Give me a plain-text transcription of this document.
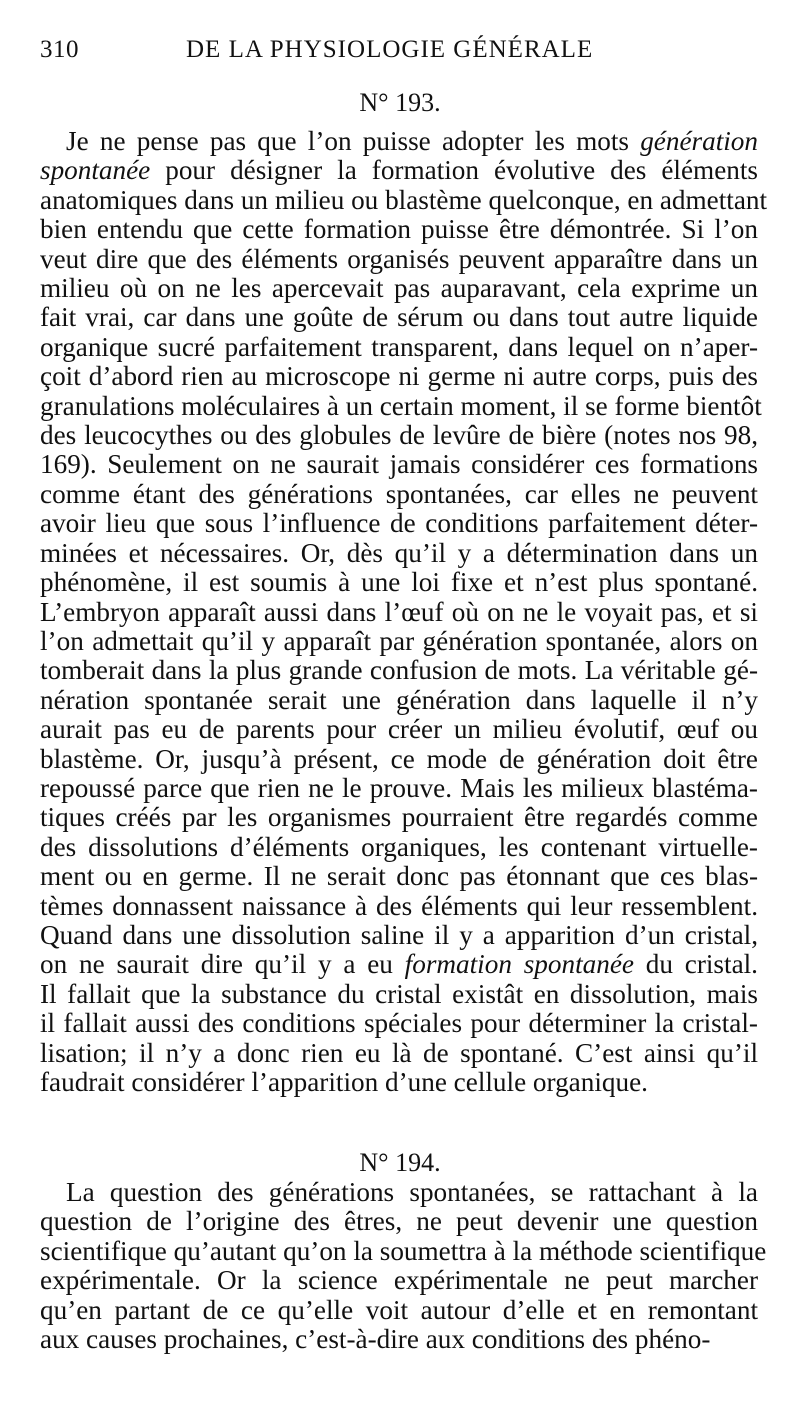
310	DE LA PHYSIOLOGIE GÉNÉRALE
N° 193.
Je ne pense pas que l’on puisse adopter les mots génération
spontanée pour désigner la formation évolutive des éléments
anatomiques dans un milieu ou blastème quelconque, en admettant
bien entendu que cette formation puisse être démontrée. Si l’on
veut dire que des éléments organisés peuvent apparaître dans un
milieu où on ne les apercevait pas auparavant, cela exprime un
fait vrai, car dans une goûte de sérum ou dans tout autre liquide
organique sucré parfaitement transparent, dans lequel on n’aper-
çoit d’abord rien au microscope ni germe ni autre corps, puis des
granulations moléculaires à un certain moment, il se forme bientôt
des leucocythes ou des globules de levûre de bière (notes nos 98,
169). Seulement on ne saurait jamais considérer ces formations
comme étant des générations spontanées, car elles ne peuvent
avoir lieu que sous l’influence de conditions parfaitement déter-
minées et nécessaires. Or, dès qu’il y a détermination dans un
phénomène, il est soumis à une loi fixe et n’est plus spontané.
L’embryon apparaît aussi dans l’œuf où on ne le voyait pas, et si
l’on admettait qu’il y apparaît par génération spontanée, alors on
tomberait dans la plus grande confusion de mots. La véritable gé-
nération spontanée serait une génération dans laquelle il n’y
aurait pas eu de parents pour créer un milieu évolutif, œuf ou
blastème. Or, jusqu’à présent, ce mode de génération doit être
repoussé parce que rien ne le prouve. Mais les milieux blastéma-
tiques créés par les organismes pourraient être regardés comme
des dissolutions d’éléments organiques, les contenant virtuelle-
ment ou en germe. Il ne serait donc pas étonnant que ces blas-
tèmes donnassent naissance à des éléments qui leur ressemblent.
Quand dans une dissolution saline il y a apparition d’un cristal,
on ne saurait dire qu’il y a eu formation spontanée du cristal.
Il fallait que la substance du cristal existât en dissolution, mais
il fallait aussi des conditions spéciales pour déterminer la cristal-
lisation; il n’y a donc rien eu là de spontané. C’est ainsi qu’il
faudrait considérer l’apparition d’une cellule organique.
N° 194.
La question des générations spontanées, se rattachant à la
question de l’origine des êtres, ne peut devenir une question
scientifique qu’autant qu’on la soumettra à la méthode scientifique
expérimentale. Or la science expérimentale ne peut marcher
qu’en partant de ce qu’elle voit autour d’elle et en remontant
aux causes prochaines, c’est-à-dire aux conditions des phéno-
